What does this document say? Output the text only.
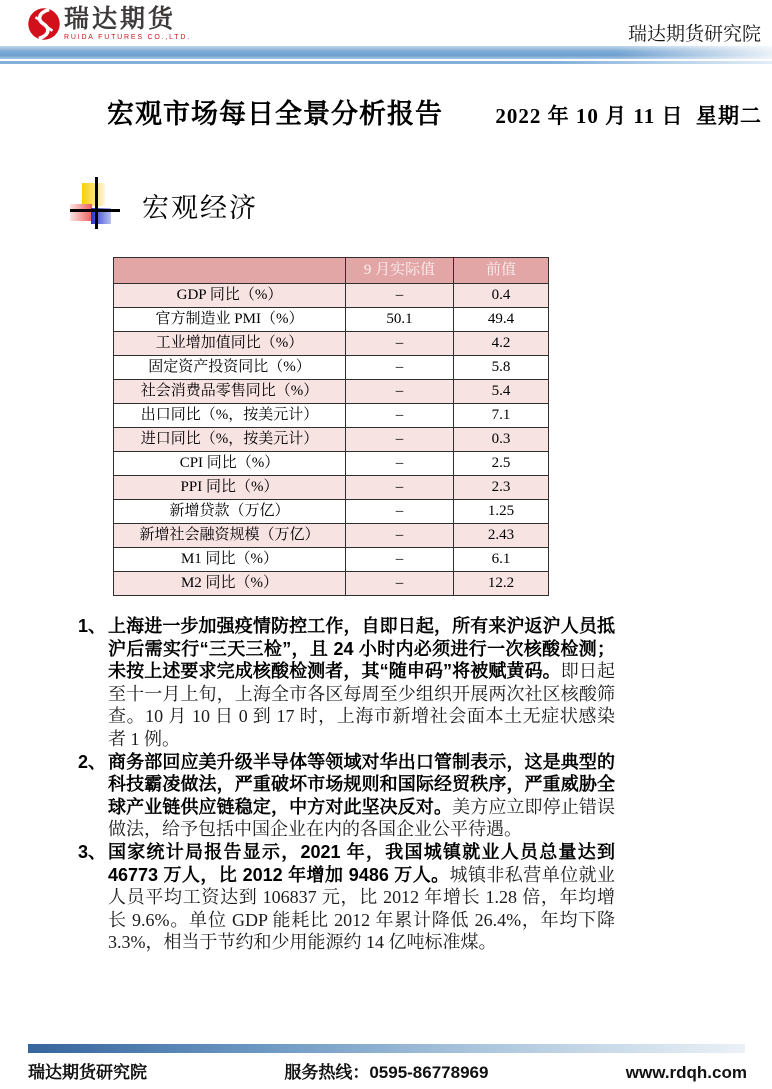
瑞达期货
RUIDA FUTURES CO.,LTD.	瑞达期货研究院
宏观市场每日全景分析报告 2022 年 10 月 11 日  星期二
宏观经济
	9 月实际值	前值
GDP 同比（%）	–	0.4
官方制造业 PMI（%）	50.1	49.4
工业增加值同比（%）	–	4.2
固定资产投资同比（%）	–	5.8
社会消费品零售同比（%）	–	5.4
出口同比（%，按美元计）	–	7.1
进口同比（%，按美元计）	–	0.3
CPI 同比（%）	–	2.5
PPI 同比（%）	–	2.3
新增贷款（万亿）	–	1.25
新增社会融资规模（万亿）	–	2.43
M1 同比（%）	–	6.1
M2 同比（%）	–	12.2
1、 上海进一步加强疫情防控工作，自即日起，所有来沪返沪人员抵沪后需实行“三天三检”，且 24 小时内必须进行一次核酸检测；未按上述要求完成核酸检测者，其“随申码”将被赋黄码。即日起至十一月上旬，上海全市各区每周至少组织开展两次社区核酸筛查。10 月 10 日 0 到 17 时，上海市新增社会面本土无症状感染者 1 例。
2、 商务部回应美升级半导体等领域对华出口管制表示，这是典型的科技霸凌做法，严重破坏市场规则和国际经贸秩序，严重威胁全球产业链供应链稳定，中方对此坚决反对。美方应立即停止错误做法，给予包括中国企业在内的各国企业公平待遇。
3、 国家统计局报告显示，2021 年，我国城镇就业人员总量达到 46773 万人，比 2012 年增加 9486 万人。城镇非私营单位就业人员平均工资达到 106837 元，比 2012 年增长 1.28 倍，年均增长 9.6%。单位 GDP 能耗比 2012 年累计降低 26.4%，年均下降 3.3%，相当于节约和少用能源约 14 亿吨标准煤。
瑞达期货研究院	服务热线：0595-86778969	www.rdqh.com
